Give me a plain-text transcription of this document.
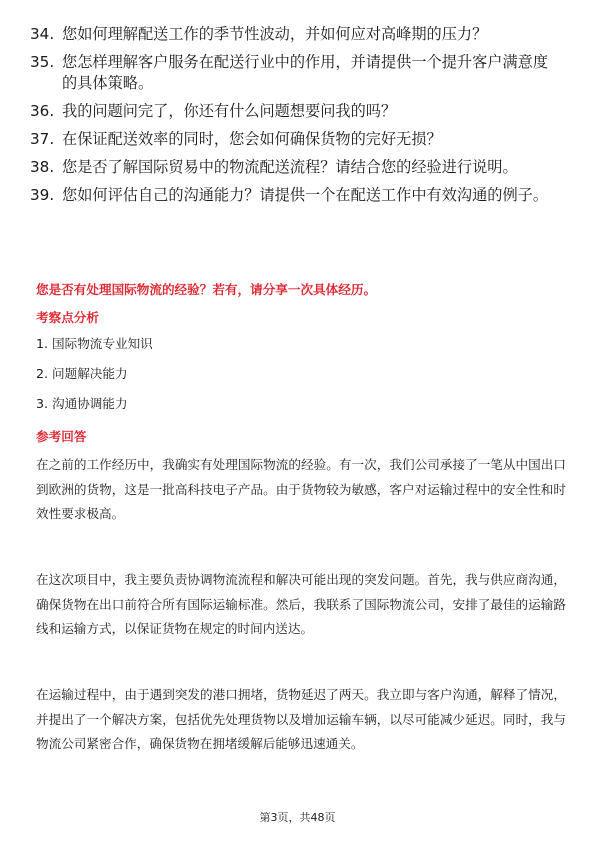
34. 您如何理解配送工作的季节性波动，并如何应对高峰期的压力？
35. 您怎样理解客户服务在配送行业中的作用，并请提供一个提升客户满意度的具体策略。
36. 我的问题问完了，你还有什么问题想要问我的吗？
37. 在保证配送效率的同时，您会如何确保货物的完好无损？
38. 您是否了解国际贸易中的物流配送流程？请结合您的经验进行说明。
39. 您如何评估自己的沟通能力？请提供一个在配送工作中有效沟通的例子。

您是否有处理国际物流的经验？若有，请分享一次具体经历。

考察点分析

1. 国际物流专业知识
2. 问题解决能力
3. 沟通协调能力

参考回答

在之前的工作经历中，我确实有处理国际物流的经验。有一次，我们公司承接了一笔从中国出口到欧洲的货物，这是一批高科技电子产品。由于货物较为敏感，客户对运输过程中的安全性和时效性要求极高。

在这次项目中，我主要负责协调物流流程和解决可能出现的突发问题。首先，我与供应商沟通，确保货物在出口前符合所有国际运输标准。然后，我联系了国际物流公司，安排了最佳的运输路线和运输方式，以保证货物在规定的时间内送达。

在运输过程中，由于遇到突发的港口拥堵，货物延迟了两天。我立即与客户沟通，解释了情况，并提出了一个解决方案，包括优先处理货物以及增加运输车辆，以尽可能减少延迟。同时，我与物流公司紧密合作，确保货物在拥堵缓解后能够迅速通关。

第3页，共48页
